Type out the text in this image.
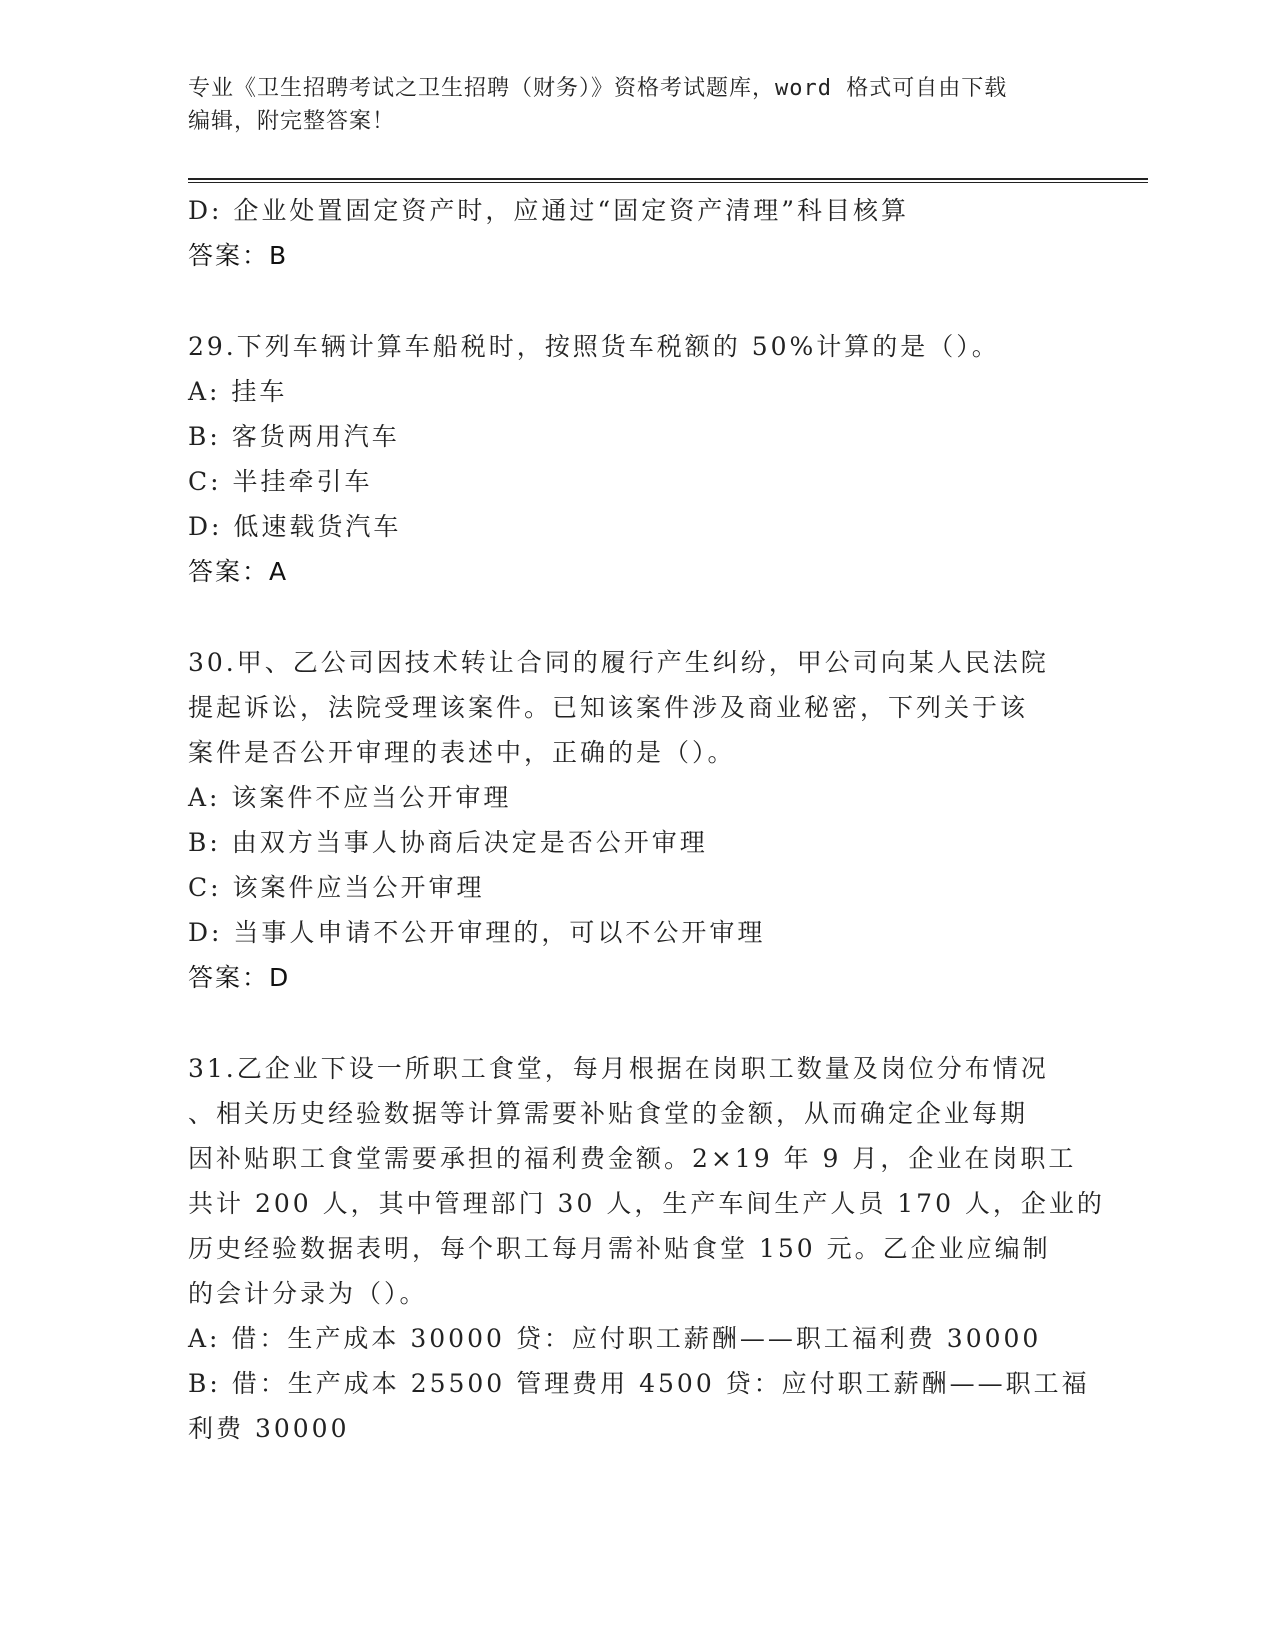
专业《卫生招聘考试之卫生招聘（财务）》资格考试题库，word 格式可自由下载
编辑，附完整答案！
D: 企业处置固定资产时，应通过“固定资产清理”科目核算
答案：B
29.下列车辆计算车船税时，按照货车税额的 50%计算的是（）。
A: 挂车
B: 客货两用汽车
C: 半挂牵引车
D: 低速载货汽车
答案：A
30.甲、乙公司因技术转让合同的履行产生纠纷，甲公司向某人民法院
提起诉讼，法院受理该案件。已知该案件涉及商业秘密，下列关于该
案件是否公开审理的表述中，正确的是（）。
A: 该案件不应当公开审理
B: 由双方当事人协商后决定是否公开审理
C: 该案件应当公开审理
D: 当事人申请不公开审理的，可以不公开审理
答案：D
31.乙企业下设一所职工食堂，每月根据在岗职工数量及岗位分布情况
、相关历史经验数据等计算需要补贴食堂的金额，从而确定企业每期
因补贴职工食堂需要承担的福利费金额。2×19 年 9 月，企业在岗职工
共计 200 人，其中管理部门 30 人，生产车间生产人员 170 人，企业的
历史经验数据表明，每个职工每月需补贴食堂 150 元。乙企业应编制
的会计分录为（）。
A: 借：生产成本 30000 贷：应付职工薪酬——职工福利费 30000
B: 借：生产成本 25500 管理费用 4500 贷：应付职工薪酬——职工福
利费 30000
